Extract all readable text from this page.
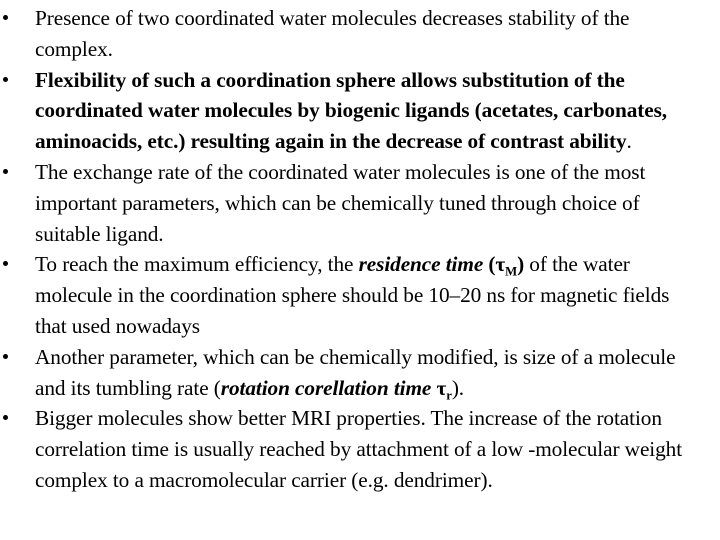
Presence of two coordinated water molecules decreases stability of the complex.
Flexibility of such a coordination sphere allows substitution of the coordinated water molecules by biogenic ligands (acetates, carbonates, aminoacids, etc.) resulting again in the decrease of contrast ability.
The exchange rate of the coordinated water molecules is one of the most important parameters, which can be chemically tuned through choice of suitable ligand.
To reach the maximum efficiency, the residence time $(\tau_M)$ of the water molecule in the coordination sphere should be 10–20 ns for magnetic fields that used nowadays
Another parameter, which can be chemically modified, is size of a molecule and its tumbling rate (rotation corellation time $\tau_r$).
Bigger molecules show better MRI properties. The increase of the rotation correlation time is usually reached by attachment of a low -molecular weight complex to a macromolecular carrier (e.g. dendrimer).
